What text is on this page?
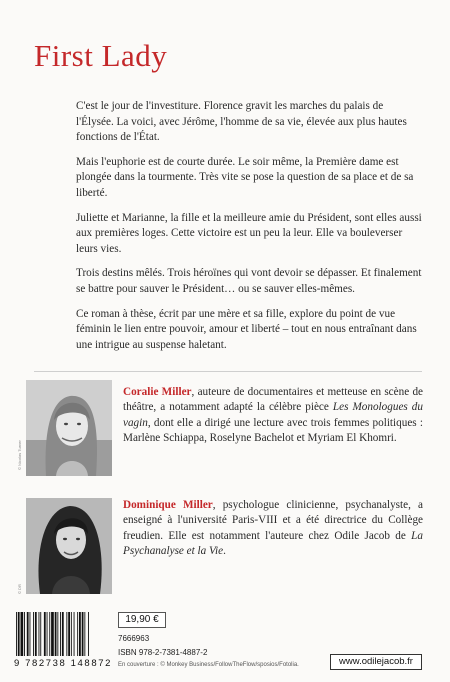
First Lady

C'est le jour de l'investiture. Florence gravit les marches du palais de l'Élysée. La voici, avec Jérôme, l'homme de sa vie, élevée aux plus hautes fonctions de l'État.

Mais l'euphorie est de courte durée. Le soir même, la Première dame est plongée dans la tourmente. Très vite se pose la question de sa place et de sa liberté.

Juliette et Marianne, la fille et la meilleure amie du Président, sont elles aussi aux premières loges. Cette victoire est un peu la leur. Elle va bouleverser leurs vies.

Trois destins mêlés. Trois héroïnes qui vont devoir se dépasser. Et finalement se battre pour sauver le Président… ou se sauver elles-mêmes.

Ce roman à thèse, écrit par une mère et sa fille, explore du point de vue féminin le lien entre pouvoir, amour et liberté – tout en nous entraînant dans une intrigue au suspense haletant.

© Nicolas Turner
Coralie Miller, auteure de documentaires et metteuse en scène de théâtre, a notamment adapté la célèbre pièce Les Monologues du vagin, dont elle a dirigé une lecture avec trois femmes politiques : Marlène Schiappa, Roselyne Bachelot et Myriam El Khomri.
© DR
Dominique Miller, psychologue clinicienne, psychanalyste, a enseigné à l'université Paris-VIII et a été directrice du Collège freudien. Elle est notamment l'auteure chez Odile Jacob de La Psychanalyse et la Vie.
9 782738 148872
19,90 €
7666963
ISBN 978-2-7381-4887-2
En couverture : © Monkey Business/FollowTheFlow/sposios/Fotolia.	www.odilejacob.fr
